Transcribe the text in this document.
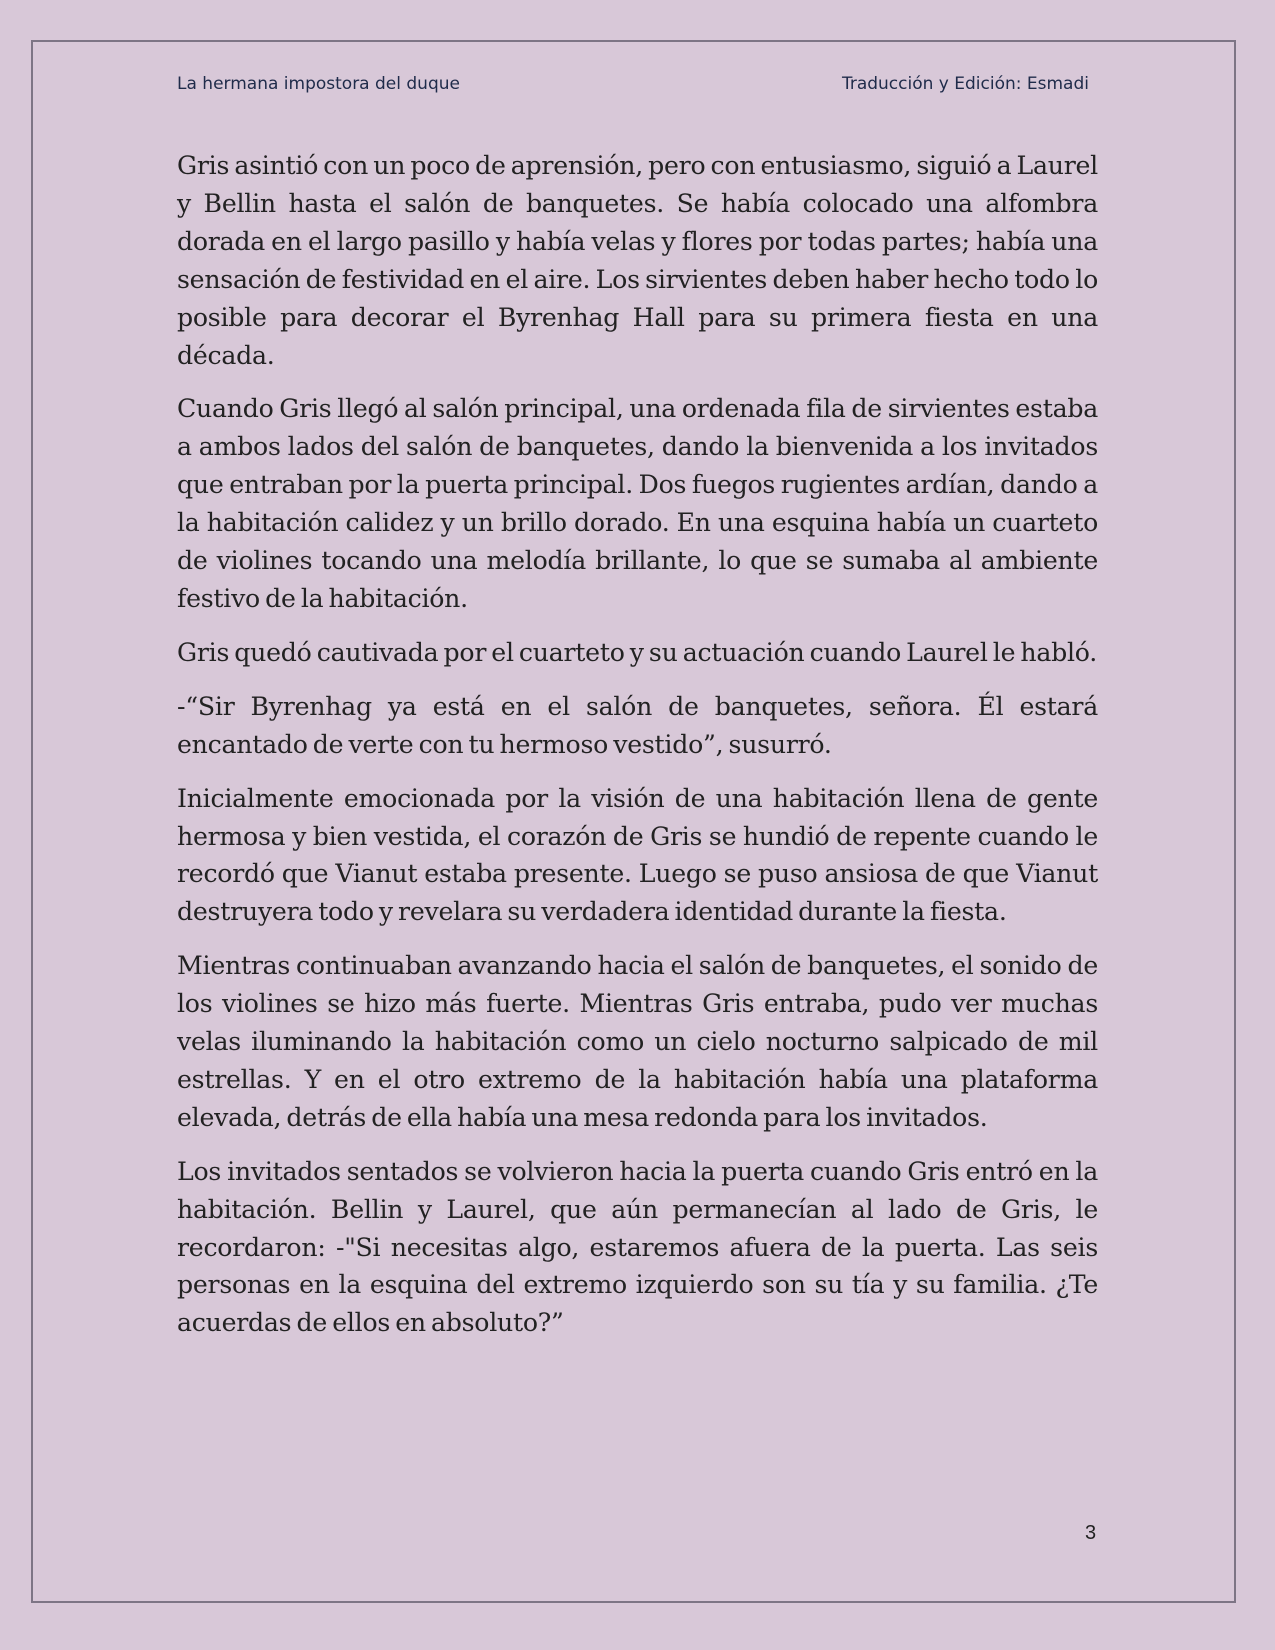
La hermana impostora del duque	Traducción y Edición: Esmadi

Gris asintió con un poco de aprensión, pero con entusiasmo, siguió a Laurel y Bellin hasta el salón de banquetes. Se había colocado una alfombra dorada en el largo pasillo y había velas y flores por todas partes; había una sensación de festividad en el aire. Los sirvientes deben haber hecho todo lo posible para decorar el Byrenhag Hall para su primera fiesta en una década.

Cuando Gris llegó al salón principal, una ordenada fila de sirvientes estaba a ambos lados del salón de banquetes, dando la bienvenida a los invitados que entraban por la puerta principal. Dos fuegos rugientes ardían, dando a la habitación calidez y un brillo dorado. En una esquina había un cuarteto de violines tocando una melodía brillante, lo que se sumaba al ambiente festivo de la habitación.

Gris quedó cautivada por el cuarteto y su actuación cuando Laurel le habló.

-“Sir Byrenhag ya está en el salón de banquetes, señora. Él estará encantado de verte con tu hermoso vestido”, susurró.

Inicialmente emocionada por la visión de una habitación llena de gente hermosa y bien vestida, el corazón de Gris se hundió de repente cuando le recordó que Vianut estaba presente. Luego se puso ansiosa de que Vianut destruyera todo y revelara su verdadera identidad durante la fiesta.

Mientras continuaban avanzando hacia el salón de banquetes, el sonido de los violines se hizo más fuerte. Mientras Gris entraba, pudo ver muchas velas iluminando la habitación como un cielo nocturno salpicado de mil estrellas. Y en el otro extremo de la habitación había una plataforma elevada, detrás de ella había una mesa redonda para los invitados.

Los invitados sentados se volvieron hacia la puerta cuando Gris entró en la habitación. Bellin y Laurel, que aún permanecían al lado de Gris, le recordaron: -"Si necesitas algo, estaremos afuera de la puerta. Las seis personas en la esquina del extremo izquierdo son su tía y su familia. ¿Te acuerdas de ellos en absoluto?”

3
